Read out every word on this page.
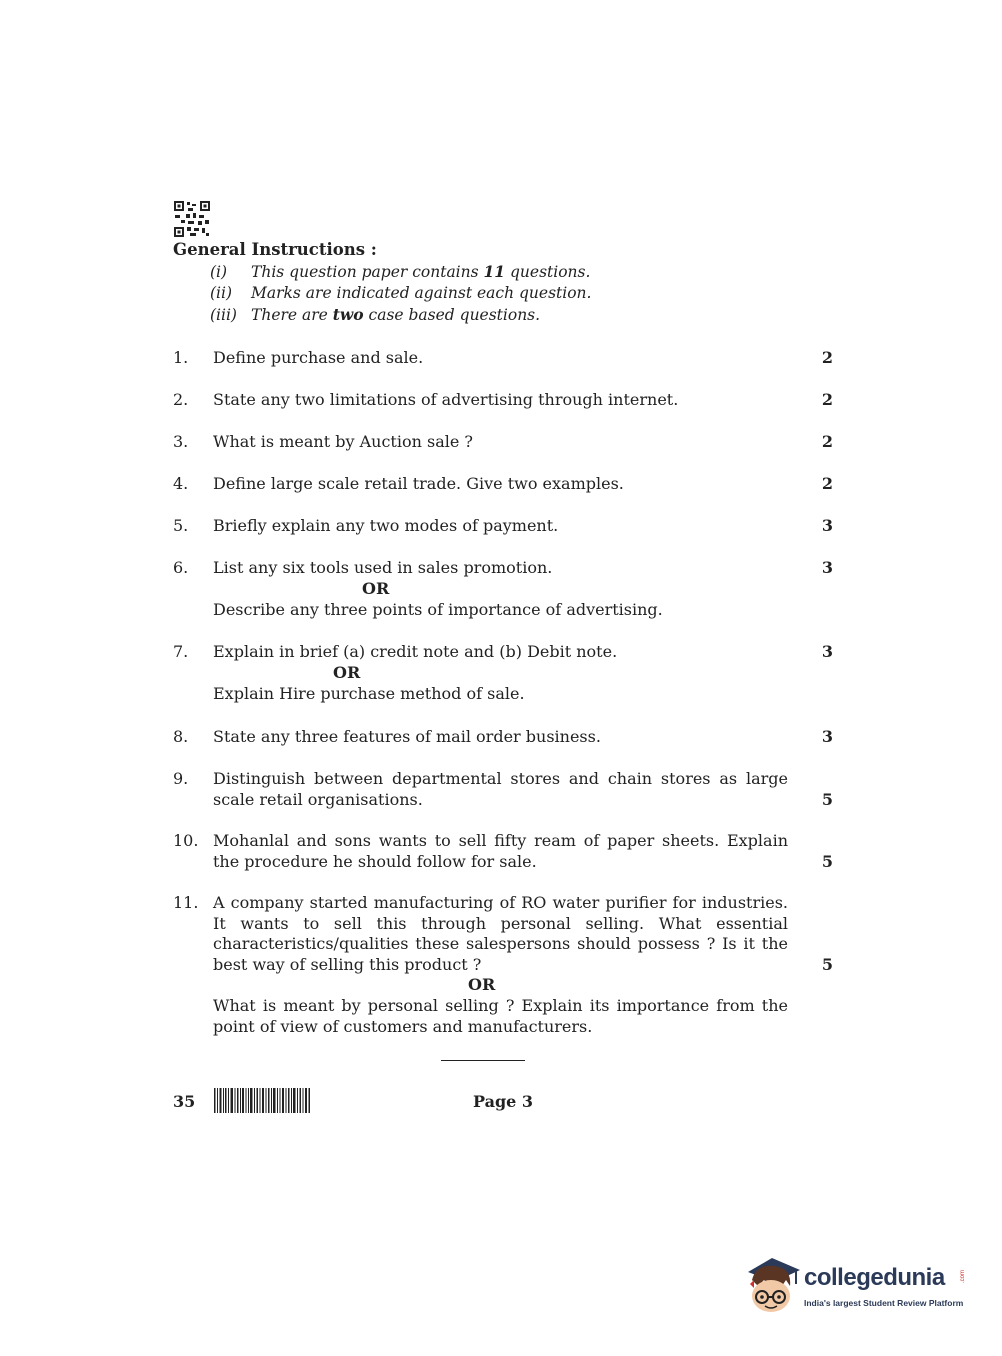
General Instructions :
(i) This question paper contains 11 questions.
(ii) Marks are indicated against each question.
(iii) There are two case based questions.
1. Define purchase and sale.	2
2. State any two limitations of advertising through internet.	2
3. What is meant by Auction sale ?	2
4. Define large scale retail trade. Give two examples.	2
5. Briefly explain any two modes of payment.	3
6. List any six tools used in sales promotion.	3
OR
Describe any three points of importance of advertising.
7. Explain in brief (a) credit note and (b) Debit note.	3
OR
Explain Hire purchase method of sale.
8. State any three features of mail order business.	3
9. Distinguish between departmental stores and chain stores as large scale retail organisations.	5
10. Mohanlal and sons wants to sell fifty ream of paper sheets. Explain the procedure he should follow for sale.	5
11. A company started manufacturing of RO water purifier for industries. It wants to sell this through personal selling. What essential characteristics/qualities these salespersons should possess ? Is it the best way of selling this product ?	5
OR
What is meant by personal selling ? Explain its importance from the point of view of customers and manufacturers.
35	Page 3
collegedunia	.com
India's largest Student Review Platform
